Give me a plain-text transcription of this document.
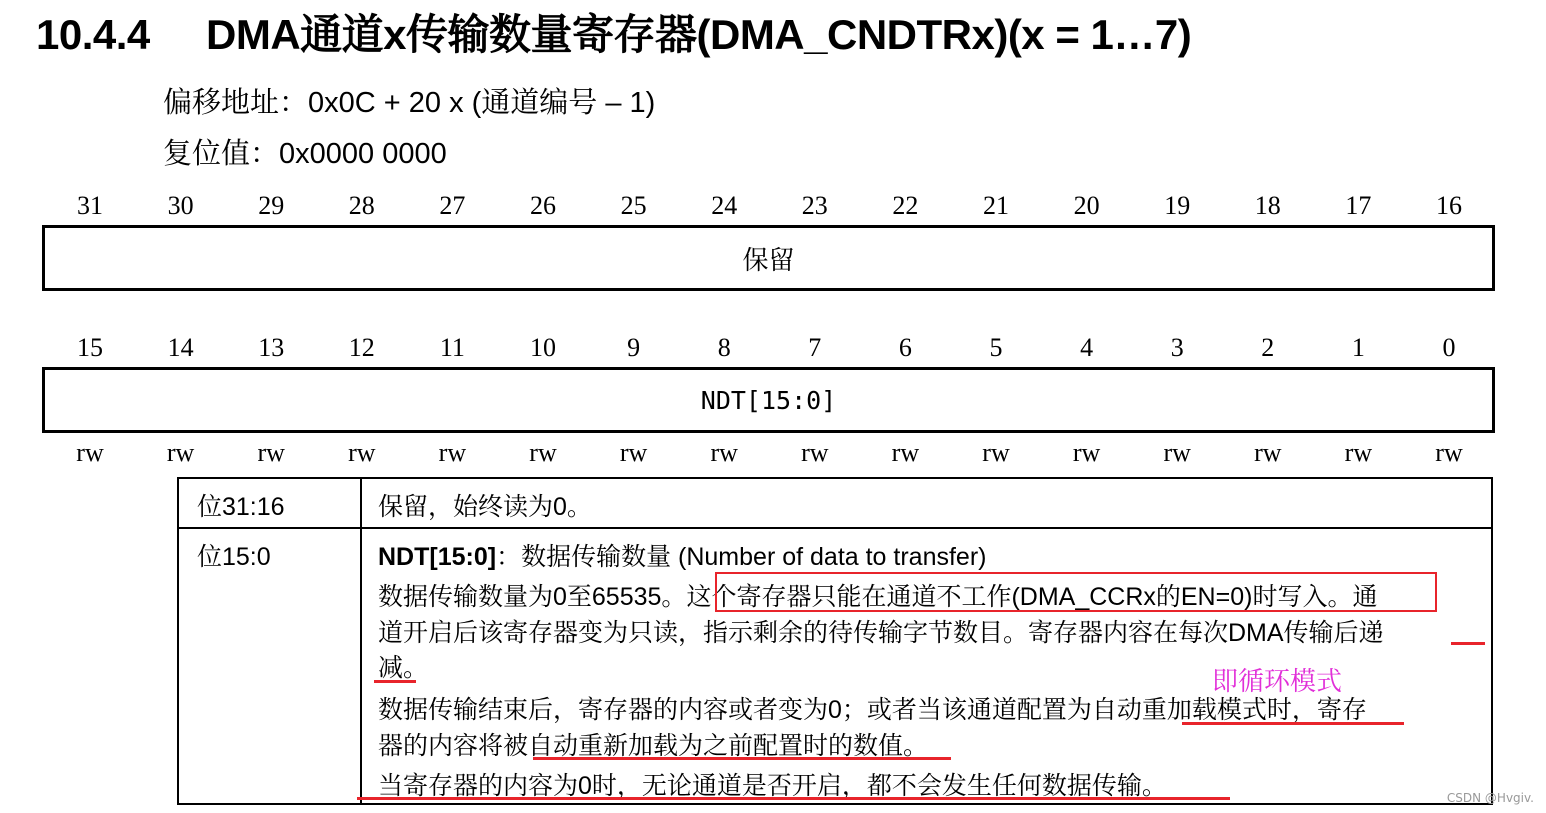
10.4.4 DMA通道x传输数量寄存器(DMA_CNDTRx)(x = 1…7)
偏移地址：0x0C + 20 x (通道编号 – 1)
复位值：0x0000 0000
31	30	29	28	27	26	25	24	23	22	21	20	19	18	17	16
保留
15	14	13	12	11	10	9	8	7	6	5	4	3	2	1	0
NDT[15:0]
rw	rw	rw	rw	rw	rw	rw	rw	rw	rw	rw	rw	rw	rw	rw	rw
位31:16	保留，始终读为0。
位15:0	NDT[15:0]：数据传输数量 (Number of data to transfer)
数据传输数量为0至65535。这个寄存器只能在通道不工作(DMA_CCRx的EN=0)时写入。通
道开启后该寄存器变为只读，指示剩余的待传输字节数目。寄存器内容在每次DMA传输后递
减。
数据传输结束后，寄存器的内容或者变为0；或者当该通道配置为自动重加载模式时，寄存
器的内容将被自动重新加载为之前配置时的数值。
当寄存器的内容为0时，无论通道是否开启，都不会发生任何数据传输。
即循环模式
CSDN @Hvgiv.
